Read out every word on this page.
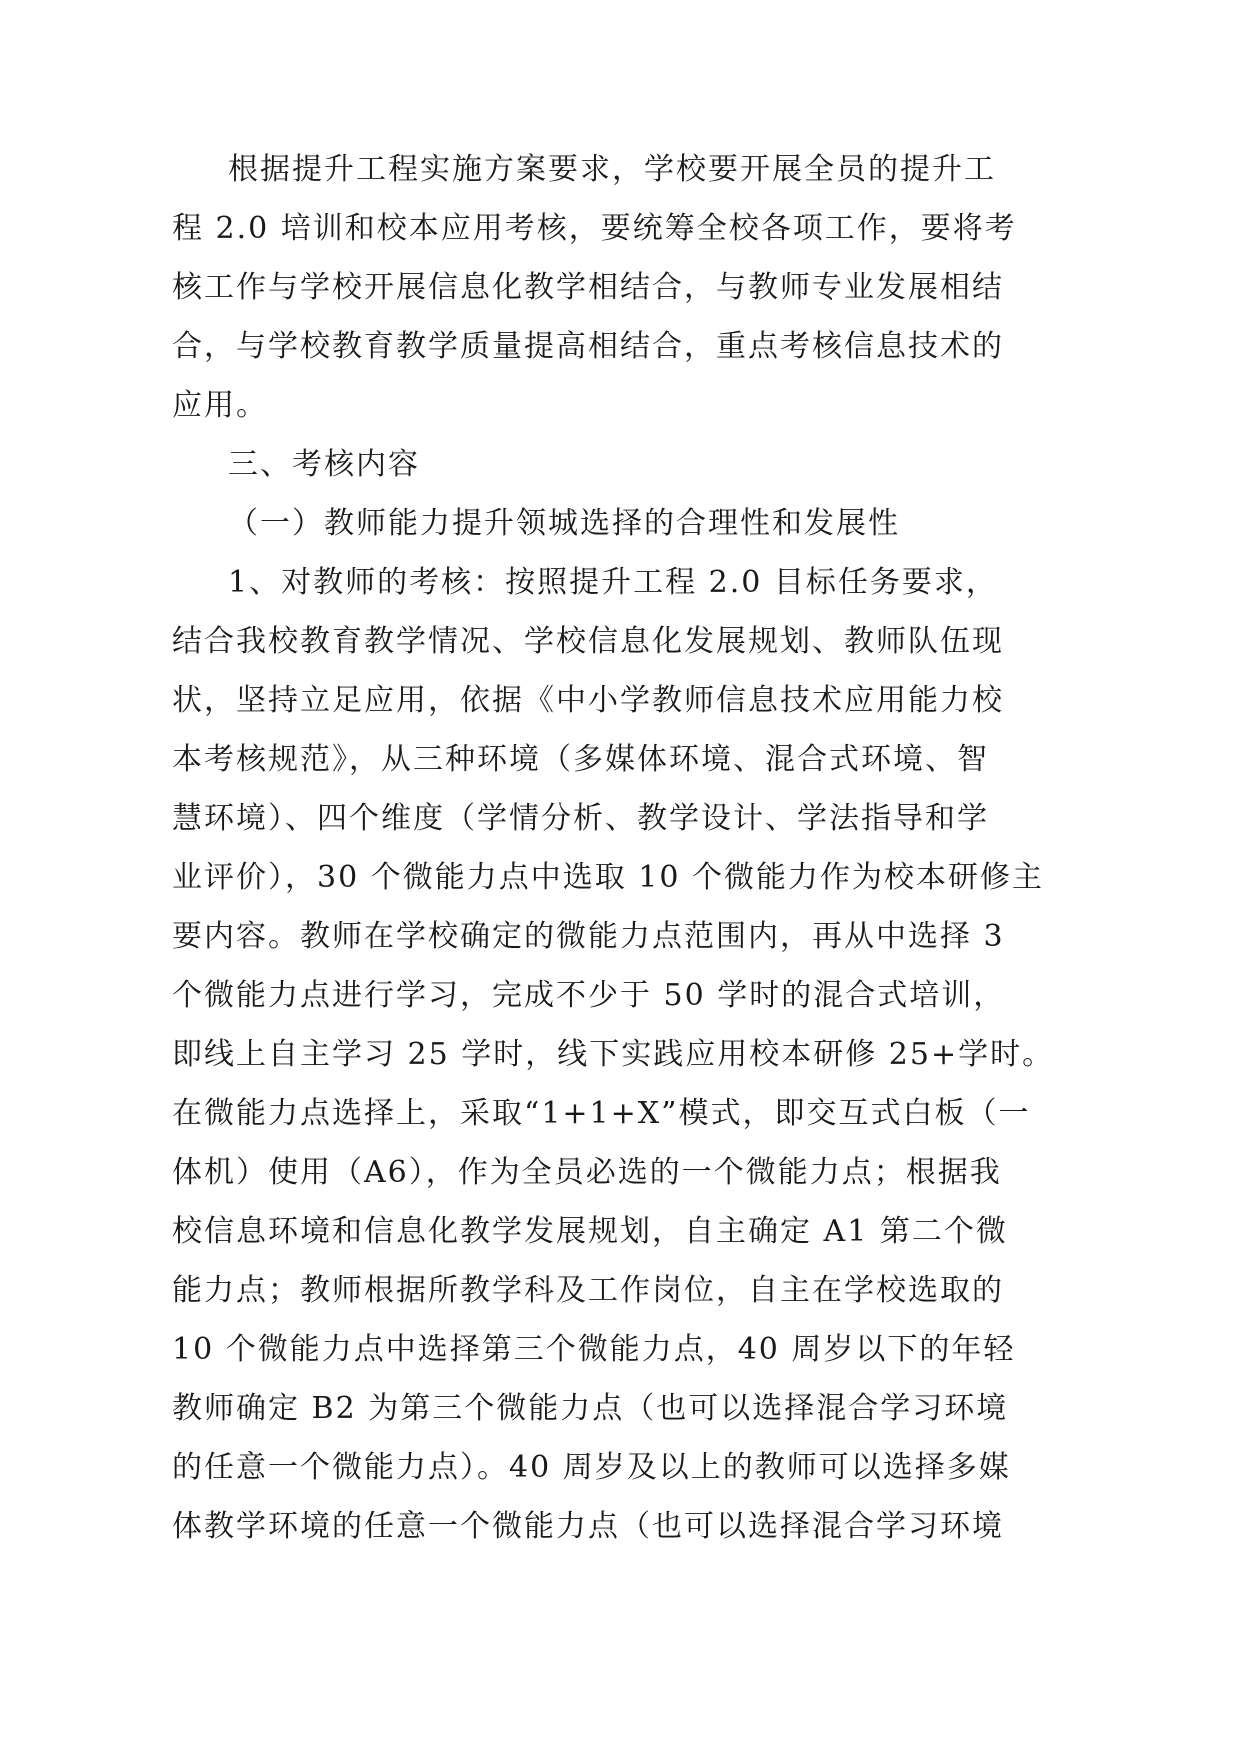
根据提升工程实施方案要求，学校要开展全员的提升工
程 2.0 培训和校本应用考核，要统筹全校各项工作，要将考
核工作与学校开展信息化教学相结合，与教师专业发展相结
合，与学校教育教学质量提高相结合，重点考核信息技术的
应用。
三、考核内容
（一）教师能力提升领城选择的合理性和发展性
1、对教师的考核：按照提升工程 2.0 目标任务要求，
结合我校教育教学情况、学校信息化发展规划、教师队伍现
状，坚持立足应用，依据《中小学教师信息技术应用能力校
本考核规范》，从三种环境（多媒体环境、混合式环境、智
慧环境）、四个维度（学情分析、教学设计、学法指导和学
业评价），30 个微能力点中选取 10 个微能力作为校本研修主
要内容。教师在学校确定的微能力点范围内，再从中选择 3
个微能力点进行学习，完成不少于 50 学时的混合式培训，
即线上自主学习 25 学时，线下实践应用校本研修 25+学时。
在微能力点选择上，采取“1+1+X”模式，即交互式白板（一
体机）使用（A6），作为全员必选的一个微能力点；根据我
校信息环境和信息化教学发展规划，自主确定 A1 第二个微
能力点；教师根据所教学科及工作岗位，自主在学校选取的
10 个微能力点中选择第三个微能力点，40 周岁以下的年轻
教师确定 B2 为第三个微能力点（也可以选择混合学习环境
的任意一个微能力点）。40 周岁及以上的教师可以选择多媒
体教学环境的任意一个微能力点（也可以选择混合学习环境
